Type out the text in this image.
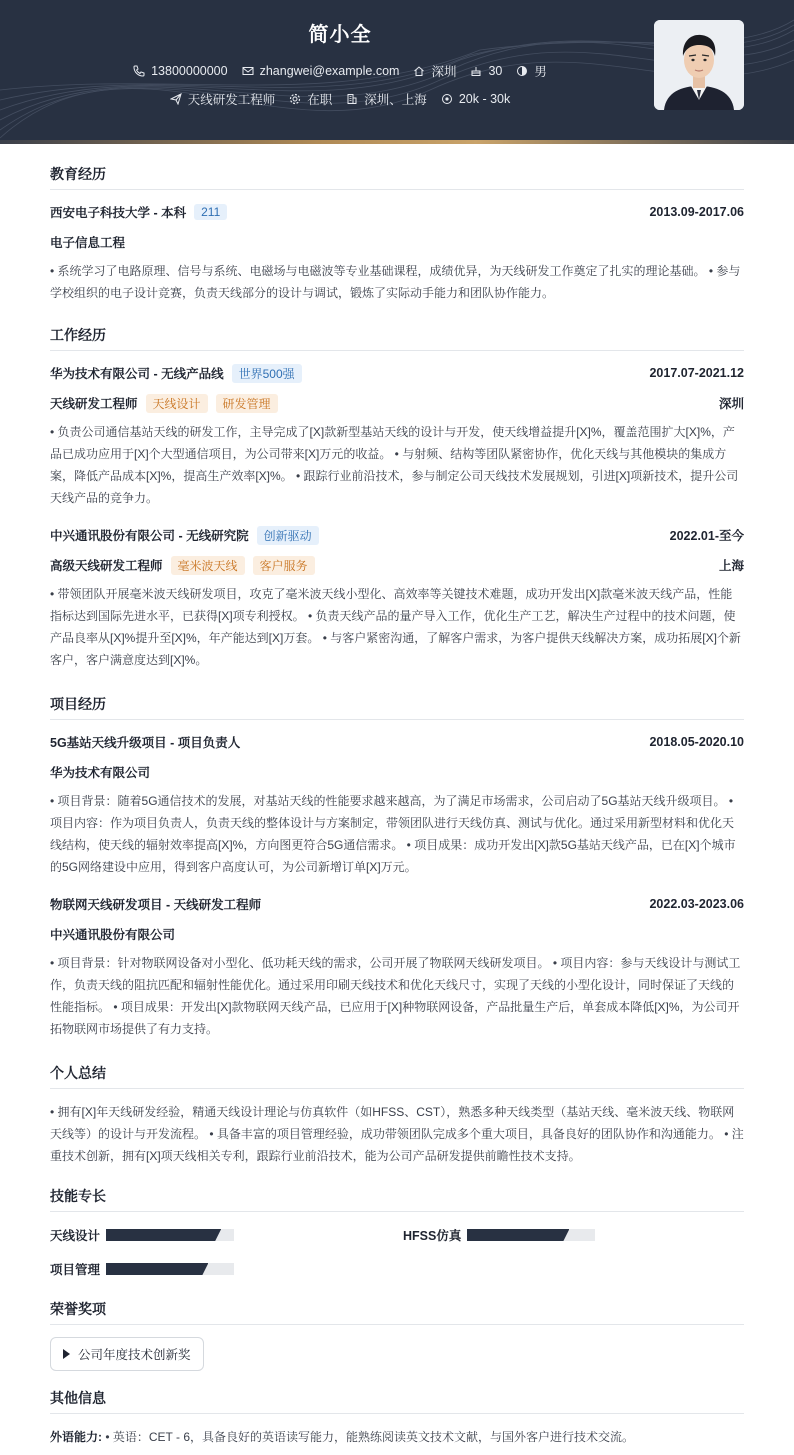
简小全
13800000000	zhangwei@example.com	深圳	30	男
天线研发工程师	在职	深圳、上海	20k - 30k
教育经历
西安电子科技大学 - 本科	211	2013.09-2017.06
电子信息工程
• 系统学习了电路原理、信号与系统、电磁场与电磁波等专业基础课程，成绩优异，为天线研发工作奠定了扎实的理论基础。 • 参与学校组织的电子设计竞赛，负责天线部分的设计与调试，锻炼了实际动手能力和团队协作能力。
工作经历
华为技术有限公司 - 无线产品线	世界500强	2017.07-2021.12
天线研发工程师	天线设计	研发管理	深圳
• 负责公司通信基站天线的研发工作，主导完成了[X]款新型基站天线的设计与开发，使天线增益提升[X]%，覆盖范围扩大[X]%，产品已成功应用于[X]个大型通信项目，为公司带来[X]万元的收益。 • 与射频、结构等团队紧密协作，优化天线与其他模块的集成方案，降低产品成本[X]%，提高生产效率[X]%。 • 跟踪行业前沿技术，参与制定公司天线技术发展规划，引进[X]项新技术，提升公司天线产品的竞争力。
中兴通讯股份有限公司 - 无线研究院	创新驱动	2022.01-至今
高级天线研发工程师	毫米波天线	客户服务	上海
• 带领团队开展毫米波天线研发项目，攻克了毫米波天线小型化、高效率等关键技术难题，成功开发出[X]款毫米波天线产品，性能指标达到国际先进水平，已获得[X]项专利授权。 • 负责天线产品的量产导入工作，优化生产工艺，解决生产过程中的技术问题，使产品良率从[X]%提升至[X]%，年产能达到[X]万套。 • 与客户紧密沟通，了解客户需求，为客户提供天线解决方案，成功拓展[X]个新客户，客户满意度达到[X]%。
项目经历
5G基站天线升级项目 - 项目负责人	2018.05-2020.10
华为技术有限公司
• 项目背景：随着5G通信技术的发展，对基站天线的性能要求越来越高，为了满足市场需求，公司启动了5G基站天线升级项目。 • 项目内容：作为项目负责人，负责天线的整体设计与方案制定，带领团队进行天线仿真、测试与优化。通过采用新型材料和优化天线结构，使天线的辐射效率提高[X]%，方向图更符合5G通信需求。 • 项目成果：成功开发出[X]款5G基站天线产品，已在[X]个城市的5G网络建设中应用，得到客户高度认可，为公司新增订单[X]万元。
物联网天线研发项目 - 天线研发工程师	2022.03-2023.06
中兴通讯股份有限公司
• 项目背景：针对物联网设备对小型化、低功耗天线的需求，公司开展了物联网天线研发项目。 • 项目内容：参与天线设计与测试工作，负责天线的阻抗匹配和辐射性能优化。通过采用印刷天线技术和优化天线尺寸，实现了天线的小型化设计，同时保证了天线的性能指标。 • 项目成果：开发出[X]款物联网天线产品，已应用于[X]种物联网设备，产品批量生产后，单套成本降低[X]%，为公司开拓物联网市场提供了有力支持。
个人总结
• 拥有[X]年天线研发经验，精通天线设计理论与仿真软件（如HFSS、CST），熟悉多种天线类型（基站天线、毫米波天线、物联网天线等）的设计与开发流程。 • 具备丰富的项目管理经验，成功带领团队完成多个重大项目，具备良好的团队协作和沟通能力。 • 注重技术创新，拥有[X]项天线相关专利，跟踪行业前沿技术，能为公司产品研发提供前瞻性技术支持。
技能专长
天线设计	HFSS仿真
项目管理
荣誉奖项
公司年度技术创新奖
其他信息
外语能力: • 英语：CET - 6，具备良好的英语读写能力，能熟练阅读英文技术文献，与国外客户进行技术交流。
